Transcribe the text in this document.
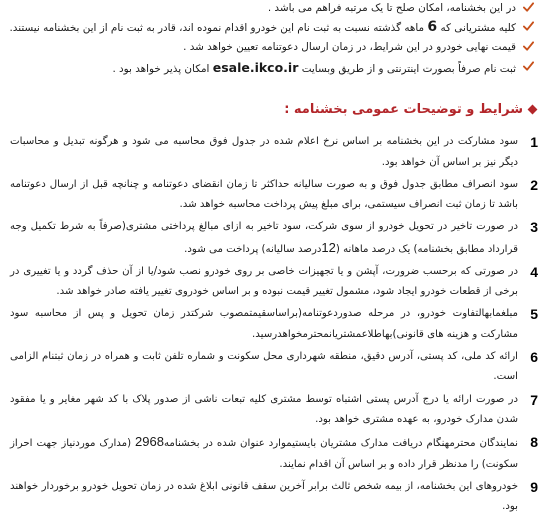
در این بخشنامه، امکان صلح تا یک مرتبه فراهم می باشد .
کلیه مشتریانی که 6 ماهه گذشته نسبت به ثبت نام این خودرو اقدام نموده اند، قادر به ثبت نام از این بخشنامه نیستند.
قیمت نهایی خودرو در این شرایط، در زمان ارسال دعوتنامه تعیین خواهد شد .
ثبت نام صرفاً بصورت اینترنتی و از طریق وبسایت esale.ikco.ir امکان پذیر خواهد بود .
شرایط و توضیحات عمومی بخشنامه :
1
سود مشارکت در این بخشنامه بر اساس نرخ اعلام شده در جدول فوق محاسبه می شود و هرگونه تبدیل و محاسبات دیگر نیز بر اساس آن خواهد بود.
2
سود انصراف مطابق جدول فوق و به صورت سالیانه حداکثر تا زمان انقضای دعوتنامه و چنانچه قبل از ارسال دعوتنامه باشد تا زمان ثبت انصراف سیستمی، برای مبلغ پیش پرداخت محاسبه خواهد شد.
3
در صورت تاخیر در تحویل خودرو از سوی شرکت، سود تاخیر به ازای مبالغ پرداختی مشتری(صرفاً به شرط تکمیل وجه قرارداد مطابق بخشنامه) یک درصد ماهانه (12درصد سالیانه) پرداخت می شود.
4
در صورتی که برحسب ضرورت، آپشن و یا تجهیزات خاصی بر روی خودرو نصب شود/یا از آن حذف گردد و یا تغییری در برخی از قطعات خودرو ایجاد شود، مشمول تغییر قیمت نبوده و بر اساس خودروی تغییر یافته صادر خواهد شد.
5
مبلغمابهالتفاوت خودرو، در مرحله صدوردعوتنامه(براساسقیمتمصوب شرکتدر زمان تحویل و پس از محاسبه سود مشارکت و هزینه های قانونی)بهاطلاعمشتریانمحترمخواهدرسید.
6
ارائه کد ملی، کد پستی، آدرس دقیق، منطقه شهرداری محل سکونت و شماره تلفن ثابت و همراه در زمان ثبتنام الزامی است.
7
در صورت ارائه یا درج آدرس پستی اشتباه توسط مشتری کلیه تبعات ناشی از صدور پلاک با کد شهر مغایر و یا مفقود شدن مدارک خودرو، به عهده مشتری خواهد بود.
8
نمایندگان محترمهنگام دریافت مدارک مشتریان بایستیموارد عنوان شده در بخشنامه2968 (مدارک موردنیاز جهت احراز سکونت) را مدنظر قرار داده و بر اساس آن اقدام نمایند.
9
خودروهای این بخشنامه، از بیمه شخص ثالث برابر آخرین سقف قانونی ابلاغ شده در زمان تحویل خودرو برخوردار خواهند بود.
